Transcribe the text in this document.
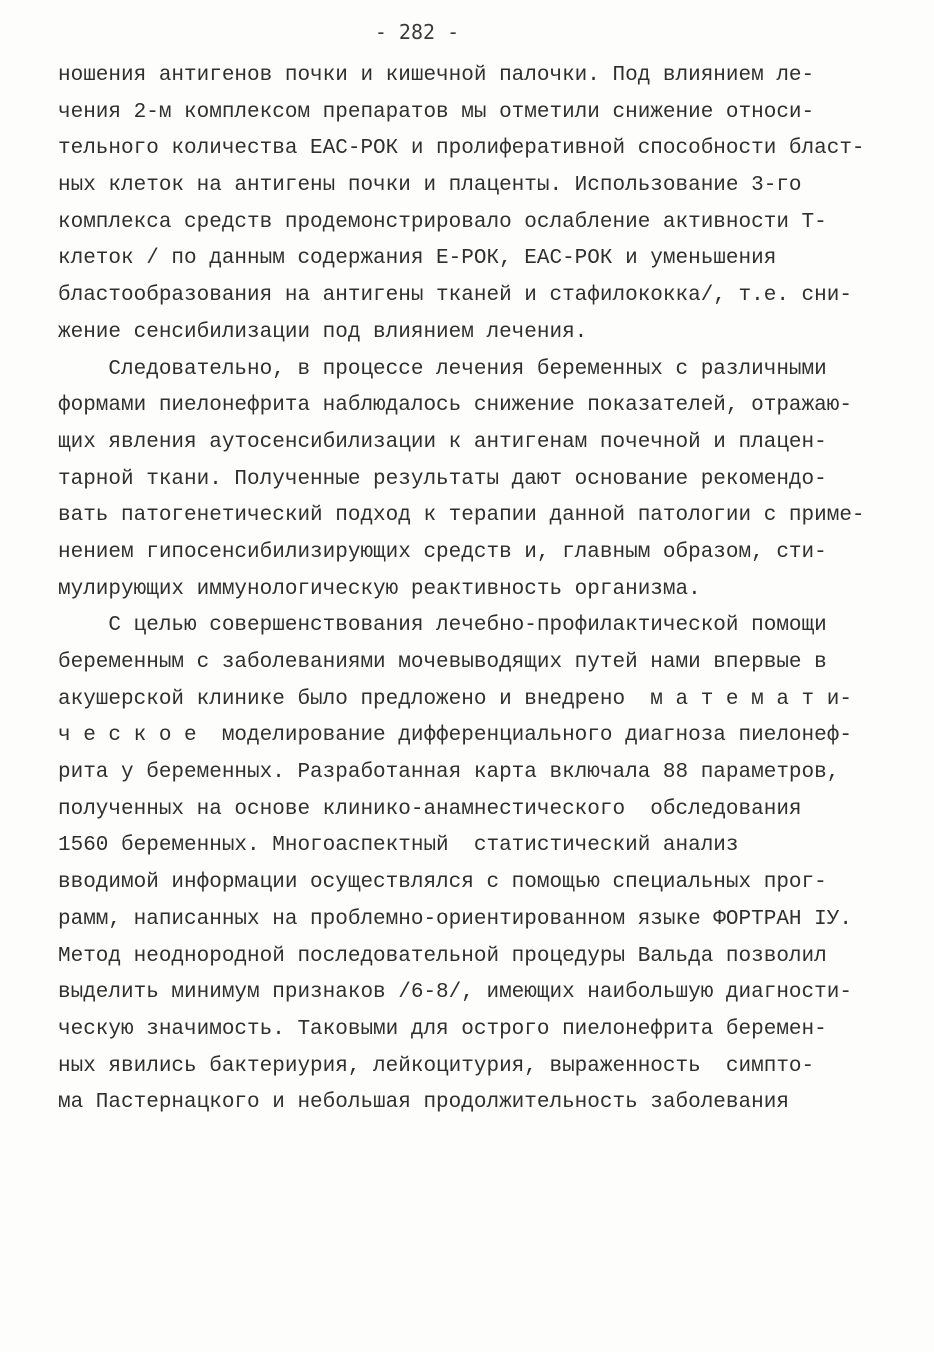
- 282 -
ношения антигенов почки и кишечной палочки. Под влиянием ле-
чения 2-м комплексом препаратов мы отметили снижение относи-
тельного количества ЕАС-РОК и пролиферативной способности бласт-
ных клеток на антигены почки и плаценты. Использование 3-го
комплекса средств продемонстрировало ослабление активности Т-
клеток / по данным содержания Е-РОК, ЕАС-РОК и уменьшения
бластообразования на антигены тканей и стафилококка/, т.е. сни-
жение сенсибилизации под влиянием лечения.
Следовательно, в процессе лечения беременных с различными
формами пиелонефрита наблюдалось снижение показателей, отражаю-
щих явления аутосенсибилизации к антигенам почечной и плацен-
тарной ткани. Полученные результаты дают основание рекомендо-
вать патогенетический подход к терапии данной патологии с приме-
нением гипосенсибилизирующих средств и, главным образом, сти-
мулирующих иммунологическую реактивность организма.
С целью совершенствования лечебно-профилактической помощи
беременным с заболеваниями мочевыводящих путей нами впервые в
акушерской клинике было предложено и внедрено  м а т е м а т и-
ч е с к о е  моделирование дифференциального диагноза пиелонеф-
рита у беременных. Разработанная карта включала 88 параметров,
полученных на основе клинико-анамнестического  обследования
1560 беременных. Многоаспектный  статистический анализ
вводимой информации осуществлялся с помощью специальных прог-
рамм, написанных на проблемно-ориентированном языке ФОРТРАН IУ.
Метод неоднородной последовательной процедуры Вальда позволил
выделить минимум признаков /6-8/, имеющих наибольшую диагности-
ческую значимость. Таковыми для острого пиелонефрита беремен-
ных явились бактериурия, лейкоцитурия, выраженность  симпто-
ма Пастернацкого и небольшая продолжительность заболевания
